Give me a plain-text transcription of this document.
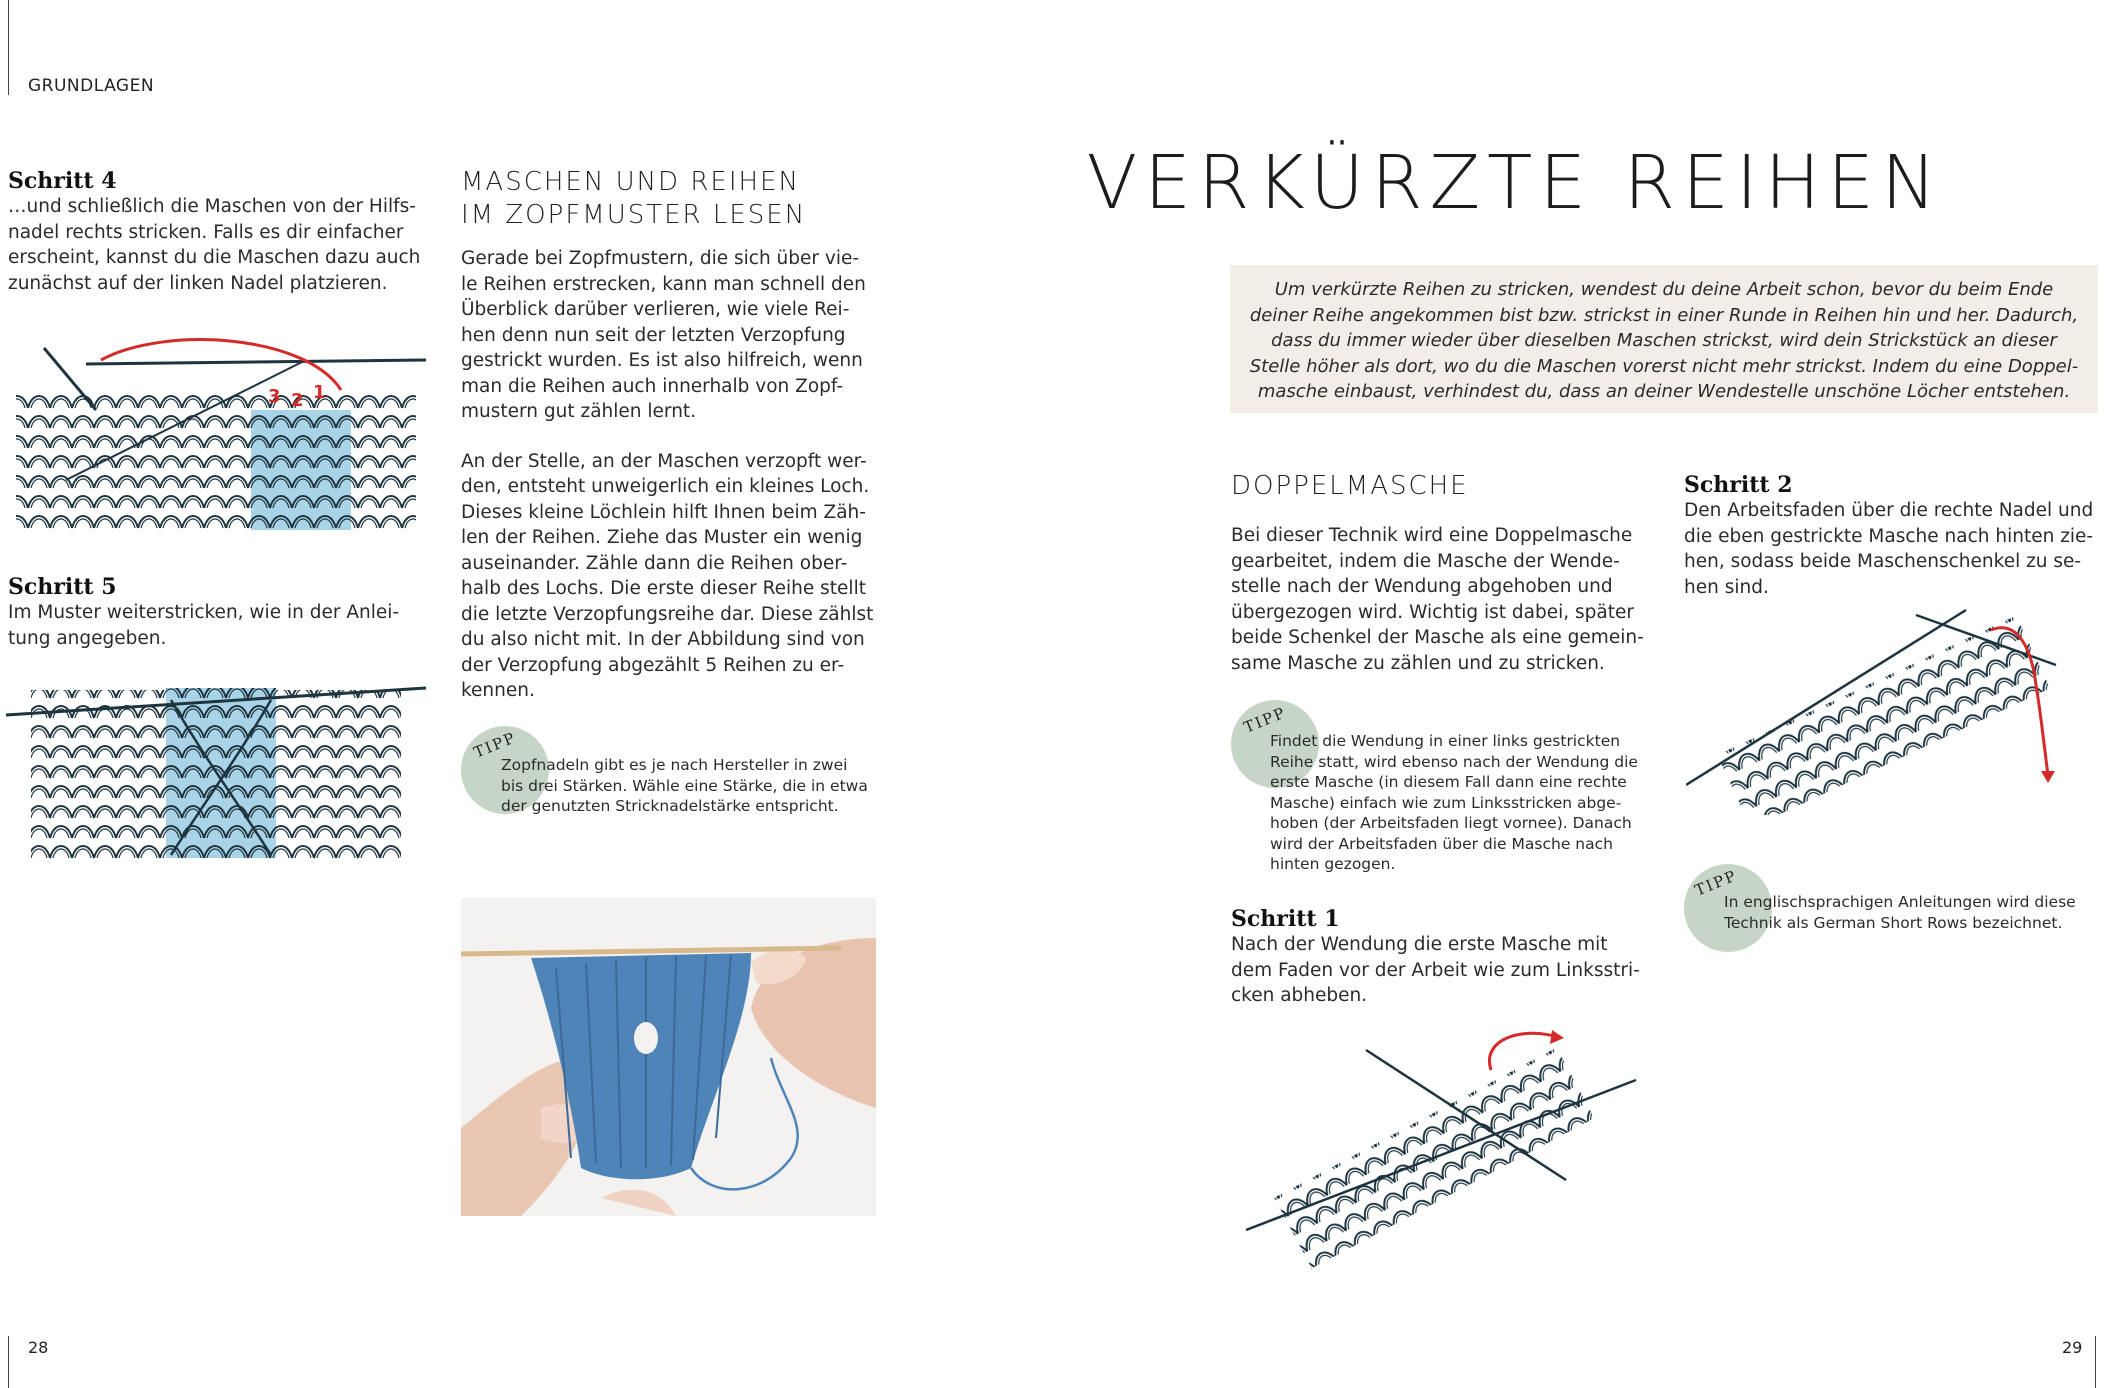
GRUNDLAGEN
Schritt 4

…und schließlich die Maschen von der Hilfs-
nadel rechts stricken. Falls es dir einfacher
erscheint, kannst du die Maschen dazu auch
zunächst auf der linken Nadel platzieren.

3 2 1
Schritt 5

Im Muster weiterstricken, wie in der Anlei-
tung angegeben.

MASCHEN UND REIHEN
IM ZOPFMUSTER LESEN

Gerade bei Zopfmustern, die sich über vie-
le Reihen erstrecken, kann man schnell den
Überblick darüber verlieren, wie viele Rei-
hen denn nun seit der letzten Verzopfung
gestrickt wurden. Es ist also hilfreich, wenn
man die Reihen auch innerhalb von Zopf-
mustern gut zählen lernt.

An der Stelle, an der Maschen verzopft wer-
den, entsteht unweigerlich ein kleines Loch.
Dieses kleine Löchlein hilft Ihnen beim Zäh-
len der Reihen. Ziehe das Muster ein wenig
auseinander. Zähle dann die Reihen ober-
halb des Lochs. Die erste dieser Reihe stellt
die letzte Verzopfungsreihe dar. Diese zählst
du also nicht mit. In der Abbildung sind von
der Verzopfung abgezählt 5 Reihen zu er-
kennen.

TIPP

Zopfnadeln gibt es je nach Hersteller in zwei
bis drei Stärken. Wähle eine Stärke, die in etwa
der genutzten Stricknadelstärke entspricht.

28
VERKÜRZTE REIHEN

Um verkürzte Reihen zu stricken, wendest du deine Arbeit schon, bevor du beim Ende
deiner Reihe angekommen bist bzw. strickst in einer Runde in Reihen hin und her. Dadurch,
dass du immer wieder über dieselben Maschen strickst, wird dein Strickstück an dieser
Stelle höher als dort, wo du die Maschen vorerst nicht mehr strickst. Indem du eine Doppel-
masche einbaust, verhindest du, dass an deiner Wendestelle unschöne Löcher entstehen.

DOPPELMASCHE

Bei dieser Technik wird eine Doppelmasche
gearbeitet, indem die Masche der Wende-
stelle nach der Wendung abgehoben und
übergezogen wird. Wichtig ist dabei, später
beide Schenkel der Masche als eine gemein-
same Masche zu zählen und zu stricken.

TIPP

Findet die Wendung in einer links gestrickten
Reihe statt, wird ebenso nach der Wendung die
erste Masche (in diesem Fall dann eine rechte
Masche) einfach wie zum Linksstricken abge-
hoben (der Arbeitsfaden liegt vornee). Danach
wird der Arbeitsfaden über die Masche nach
hinten gezogen.

Schritt 1

Nach der Wendung die erste Masche mit
dem Faden vor der Arbeit wie zum Linksstri-
cken abheben.

Schritt 2

Den Arbeitsfaden über die rechte Nadel und
die eben gestrickte Masche nach hinten zie-
hen, sodass beide Maschenschenkel zu se-
hen sind.

TIPP

In englischsprachigen Anleitungen wird diese
Technik als German Short Rows bezeichnet.

29
